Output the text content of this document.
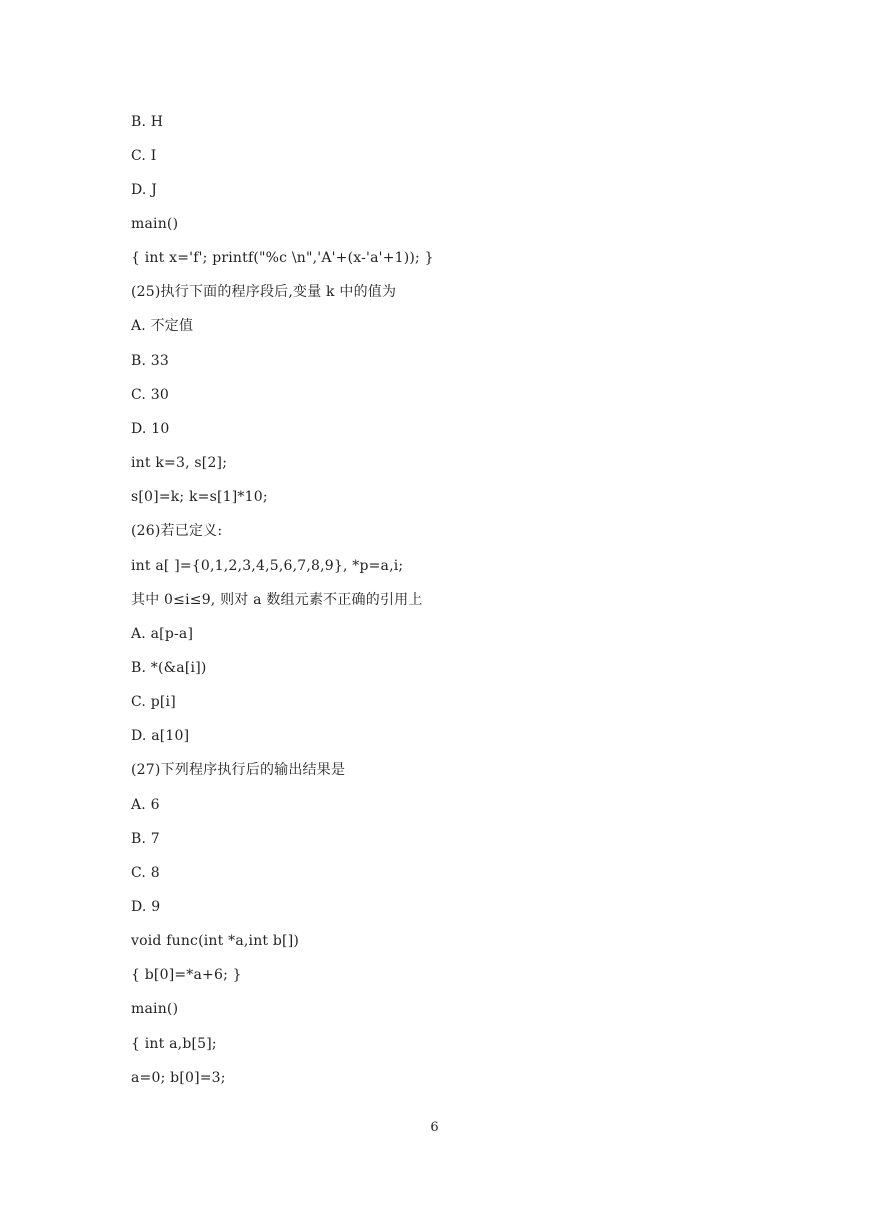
B. H
C. I
D. J
main()
{ int x='f'; printf("%c \n",'A'+(x-'a'+1)); }
(25)执行下面的程序段后,变量 k 中的值为
A. 不定值
B. 33
C. 30
D. 10
int k=3, s[2];
s[0]=k; k=s[1]*10;
(26)若已定义:
int a[ ]={0,1,2,3,4,5,6,7,8,9}, *p=a,i;
其中 0≤i≤9, 则对 a 数组元素不正确的引用上
A. a[p-a]
B. *(&a[i])
C. p[i]
D. a[10]
(27)下列程序执行后的输出结果是
A. 6
B. 7
C. 8
D. 9
void func(int *a,int b[])
{ b[0]=*a+6; }
main()
{ int a,b[5];
a=0; b[0]=3;
6
